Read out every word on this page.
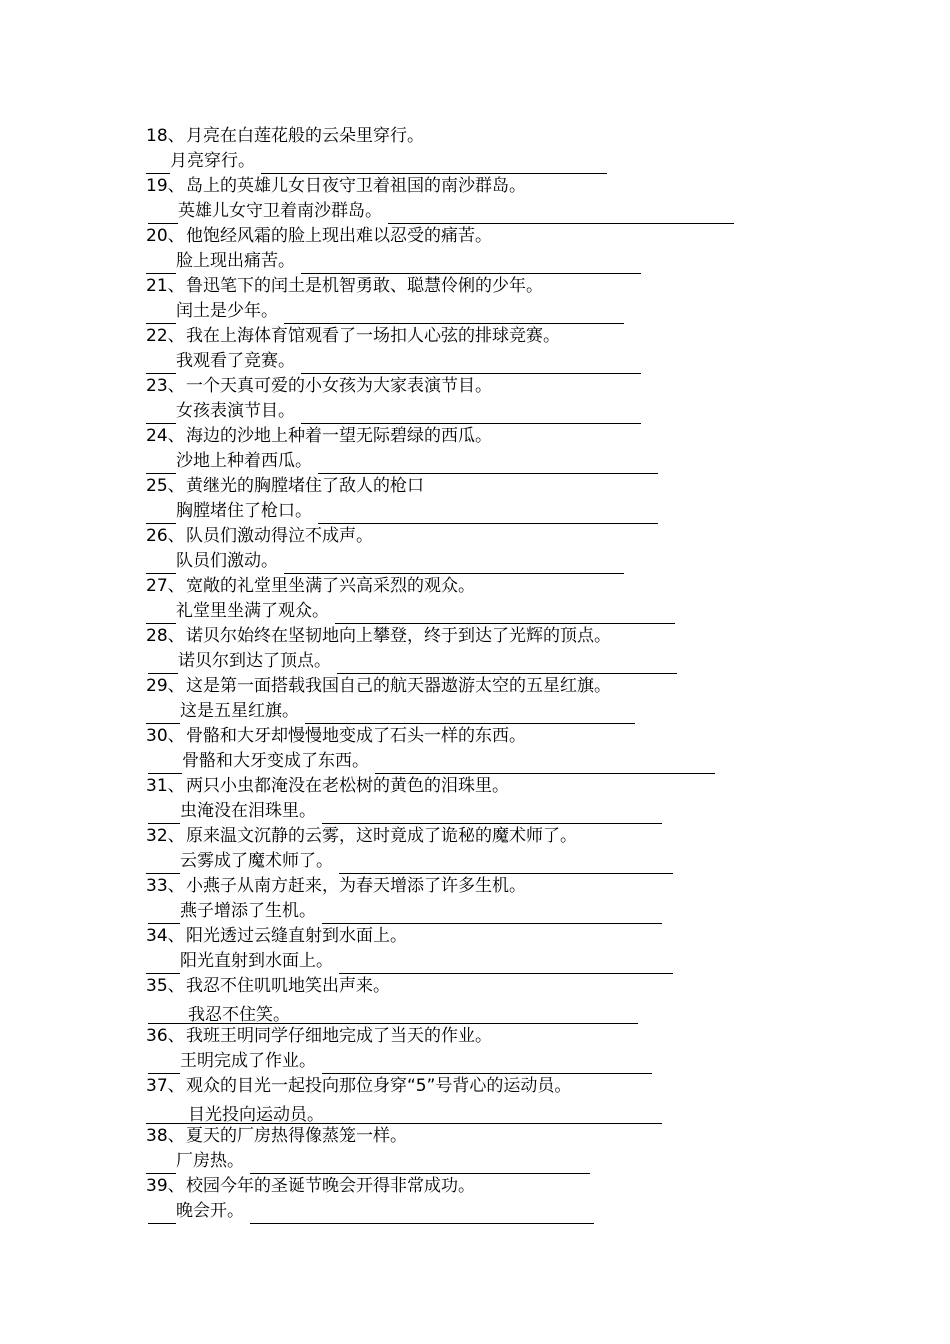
18、月亮在白莲花般的云朵里穿行。
月亮穿行。
19、岛上的英雄儿女日夜守卫着祖国的南沙群岛。
英雄儿女守卫着南沙群岛。
20、他饱经风霜的脸上现出难以忍受的痛苦。
脸上现出痛苦。
21、鲁迅笔下的闰土是机智勇敢、聪慧伶俐的少年。
闰土是少年。
22、我在上海体育馆观看了一场扣人心弦的排球竞赛。
我观看了竞赛。
23、一个天真可爱的小女孩为大家表演节目。
女孩表演节目。
24、海边的沙地上种着一望无际碧绿的西瓜。
沙地上种着西瓜。
25、黄继光的胸膛堵住了敌人的枪口
胸膛堵住了枪口。
26、队员们激动得泣不成声。
队员们激动。
27、宽敞的礼堂里坐满了兴高采烈的观众。
礼堂里坐满了观众。
28、诺贝尔始终在坚韧地向上攀登，终于到达了光辉的顶点。
诺贝尔到达了顶点。
29、这是第一面搭载我国自己的航天器遨游太空的五星红旗。
这是五星红旗。
30、骨骼和大牙却慢慢地变成了石头一样的东西。
骨骼和大牙变成了东西。
31、两只小虫都淹没在老松树的黄色的泪珠里。
虫淹没在泪珠里。
32、原来温文沉静的云雾，这时竟成了诡秘的魔术师了。
云雾成了魔术师了。
33、小燕子从南方赶来，为春天增添了许多生机。
燕子增添了生机。
34、阳光透过云缝直射到水面上。
阳光直射到水面上。
35、我忍不住叽叽地笑出声来。
我忍不住笑。
36、我班王明同学仔细地完成了当天的作业。
王明完成了作业。
37、观众的目光一起投向那位身穿“5”号背心的运动员。
目光投向运动员。
38、夏天的厂房热得像蒸笼一样。
厂房热。
39、校园今年的圣诞节晚会开得非常成功。
晚会开。
